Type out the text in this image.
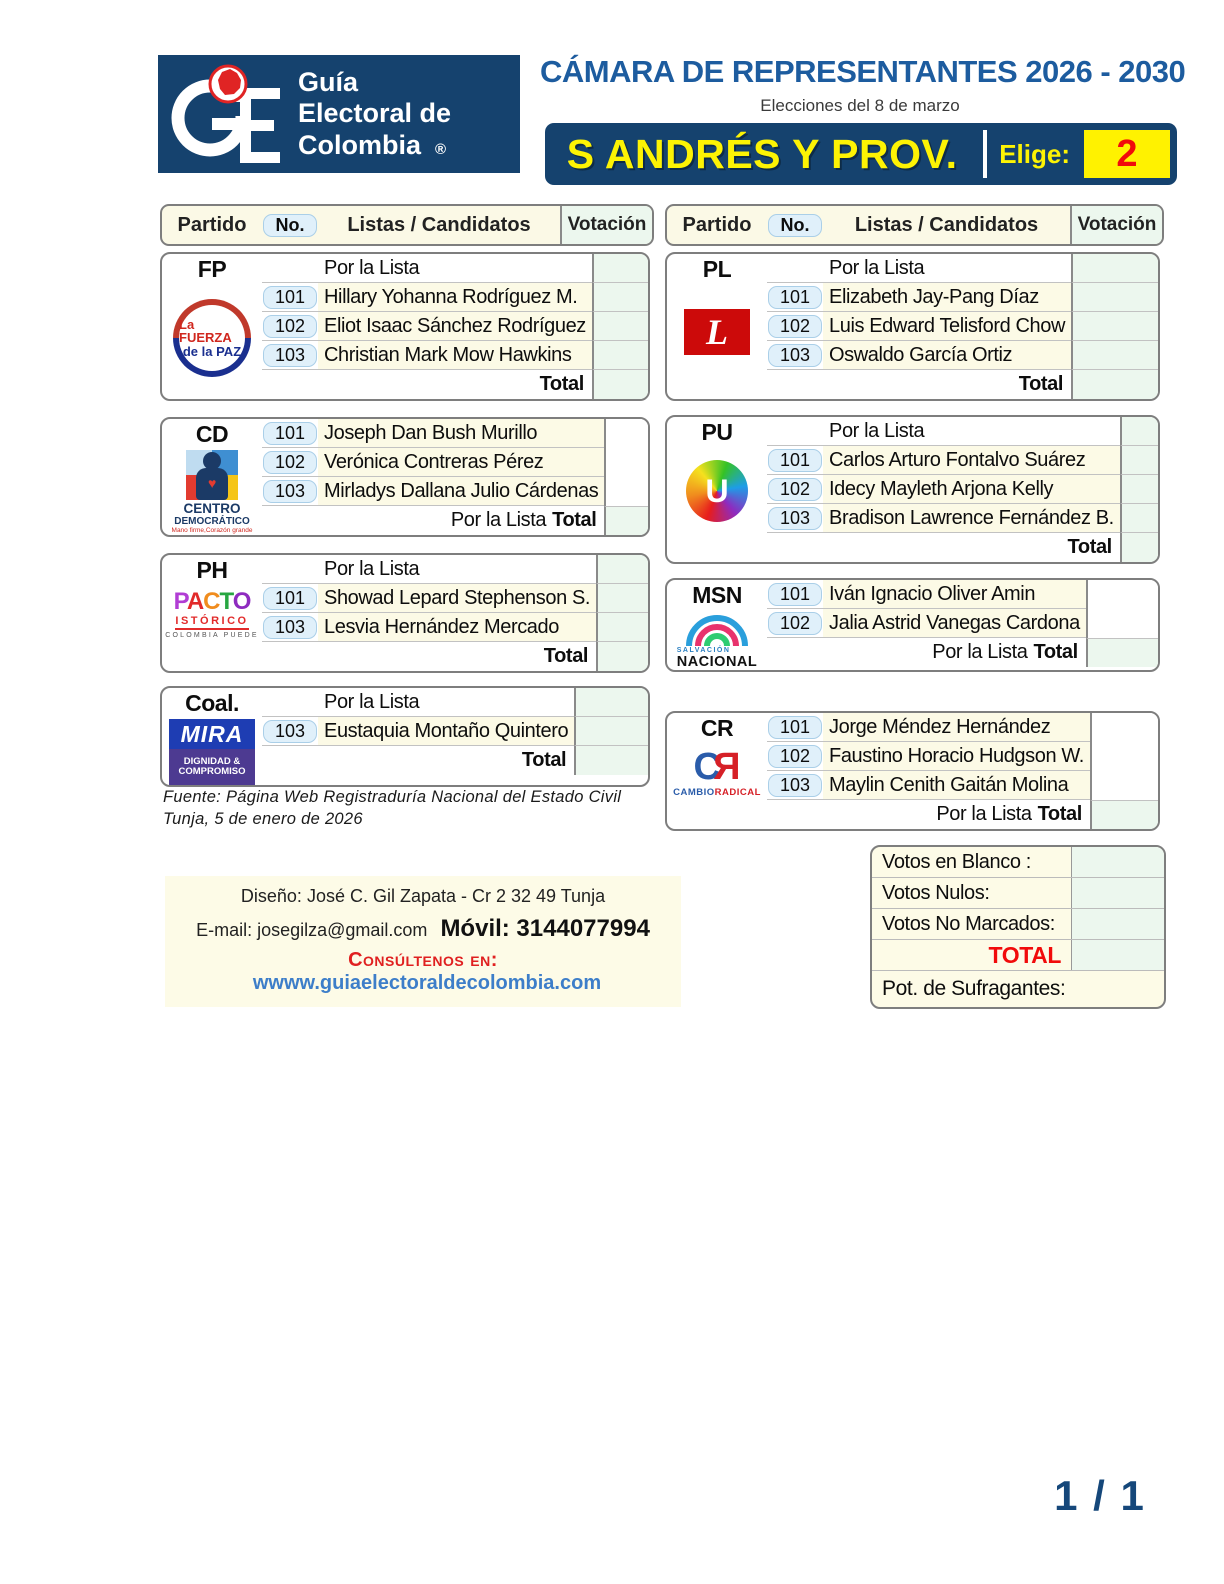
Guía
Electoral de
Colombia ®
CÁMARA DE REPRESENTANTES 2026 - 2030
Elecciones del 8 de marzo
S ANDRÉS Y PROV.	Elige:	2
Partido	No.	Listas / Candidatos	Votación	Partido	No.	Listas / Candidatos	Votación
FP
La FUERZA
de la PAZ
Por la Lista
101 Hillary Yohanna Rodríguez M.
102 Eliot Isaac Sánchez Rodríguez
103 Christian Mark Mow Hawkins
Total
CD
♥
CENTRO
DEMOCRÁTICO
Mano firme,Corazón grande
101 Joseph Dan Bush Murillo
102 Verónica Contreras Pérez
103 Mirladys Dallana Julio Cárdenas
Por la Lista Total
PH
PACTO
ISTÓRICO
COLOMBIA PUEDE
Por la Lista
101 Showad Lepard Stephenson S.
103 Lesvia Hernández Mercado
Total
Coal.
MIRA
DIGNIDAD &
COMPROMISO
Por la Lista
103 Eustaquia Montaño Quintero
Total
PL
L
Por la Lista
101 Elizabeth Jay-Pang Díaz
102 Luis Edward Telisford Chow
103 Oswaldo García Ortiz
Total
PU
U
Por la Lista
101 Carlos Arturo Fontalvo Suárez
102 Idecy Mayleth Arjona Kelly
103 Bradison Lawrence Fernández B.
Total
MSN
SALVACIÓN
NACIONAL
101 Iván Ignacio Oliver Amin
102 Jalia Astrid Vanegas Cardona
Por la Lista Total
CR
CR
CAMBIORADICAL
101 Jorge Méndez Hernández
102 Faustino Horacio Hudgson W.
103 Maylin Cenith Gaitán Molina
Por la Lista Total
Fuente: Página Web Registraduría Nacional del Estado Civil
Tunja, 5 de enero de 2026
Diseño: José C. Gil Zapata - Cr 2 32 49 Tunja
E-mail: josegilza@gmail.com Móvil: 3144077994
Consúltenos en: wwww.guiaelectoraldecolombia.com
Votos en Blanco :
Votos Nulos:
Votos No Marcados:
TOTAL
Pot. de Sufragantes:
1 / 1
